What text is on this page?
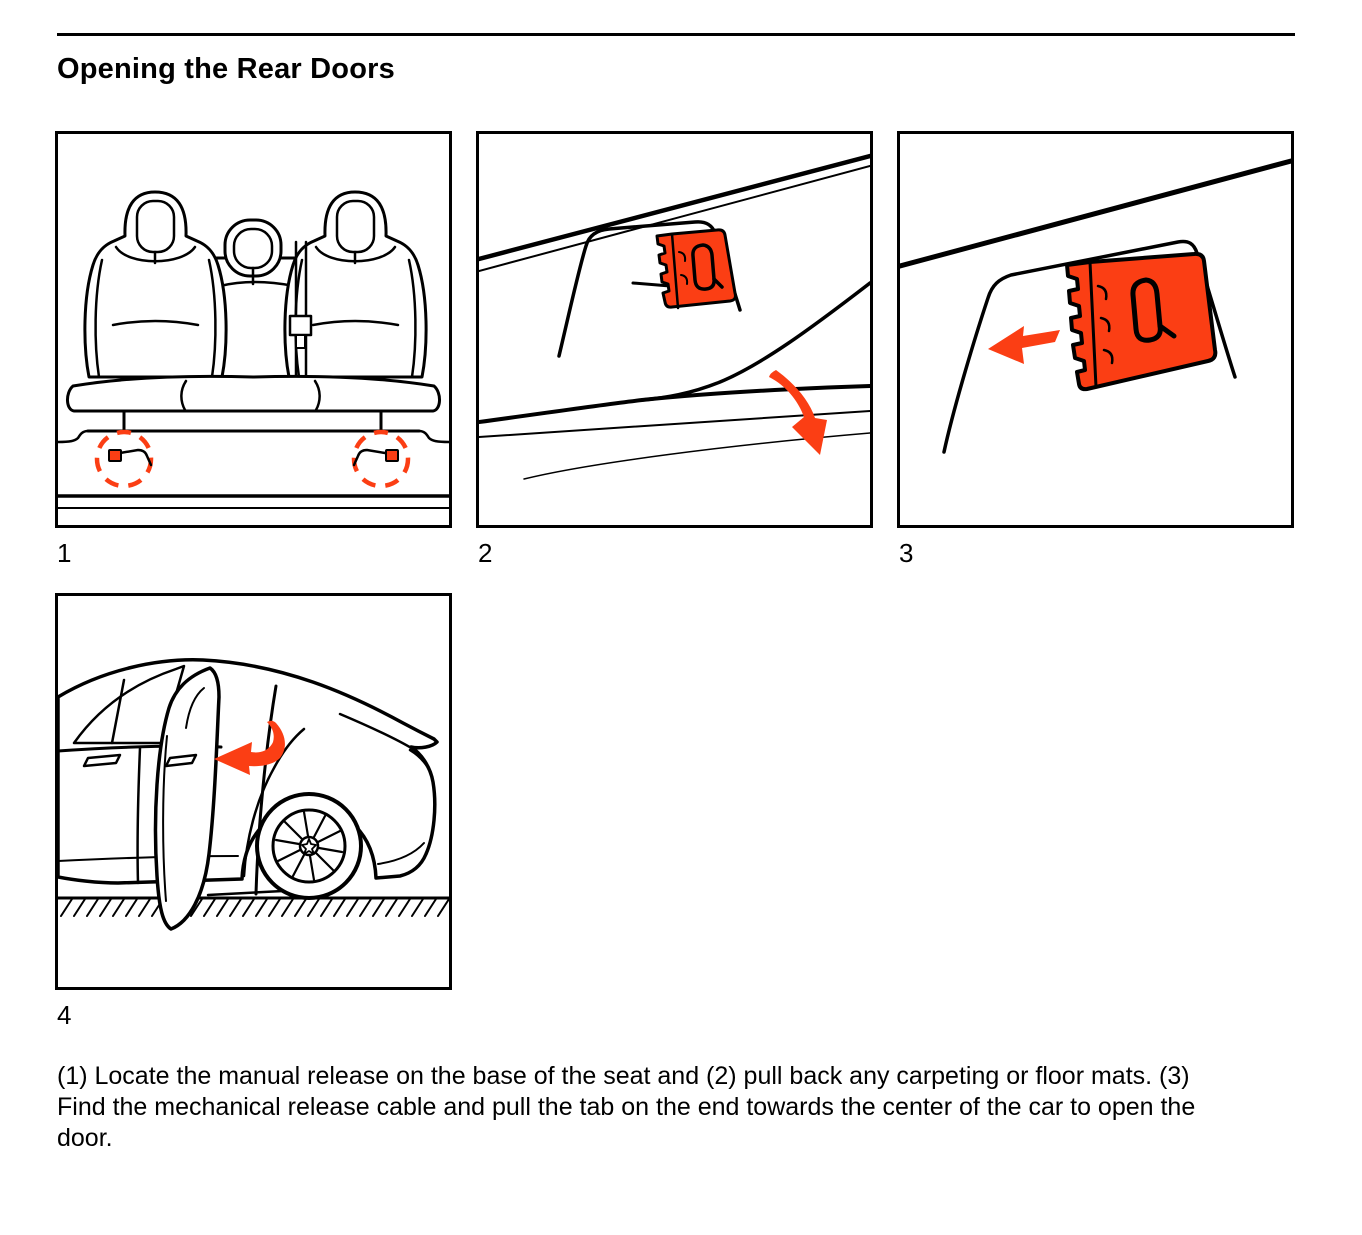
Opening the Rear Doors
1	2	3
4

(1) Locate the manual release on the base of the seat and (2) pull back any carpeting or floor mats. (3) Find the mechanical release cable and pull the tab on the end towards the center of the car to open the door.
